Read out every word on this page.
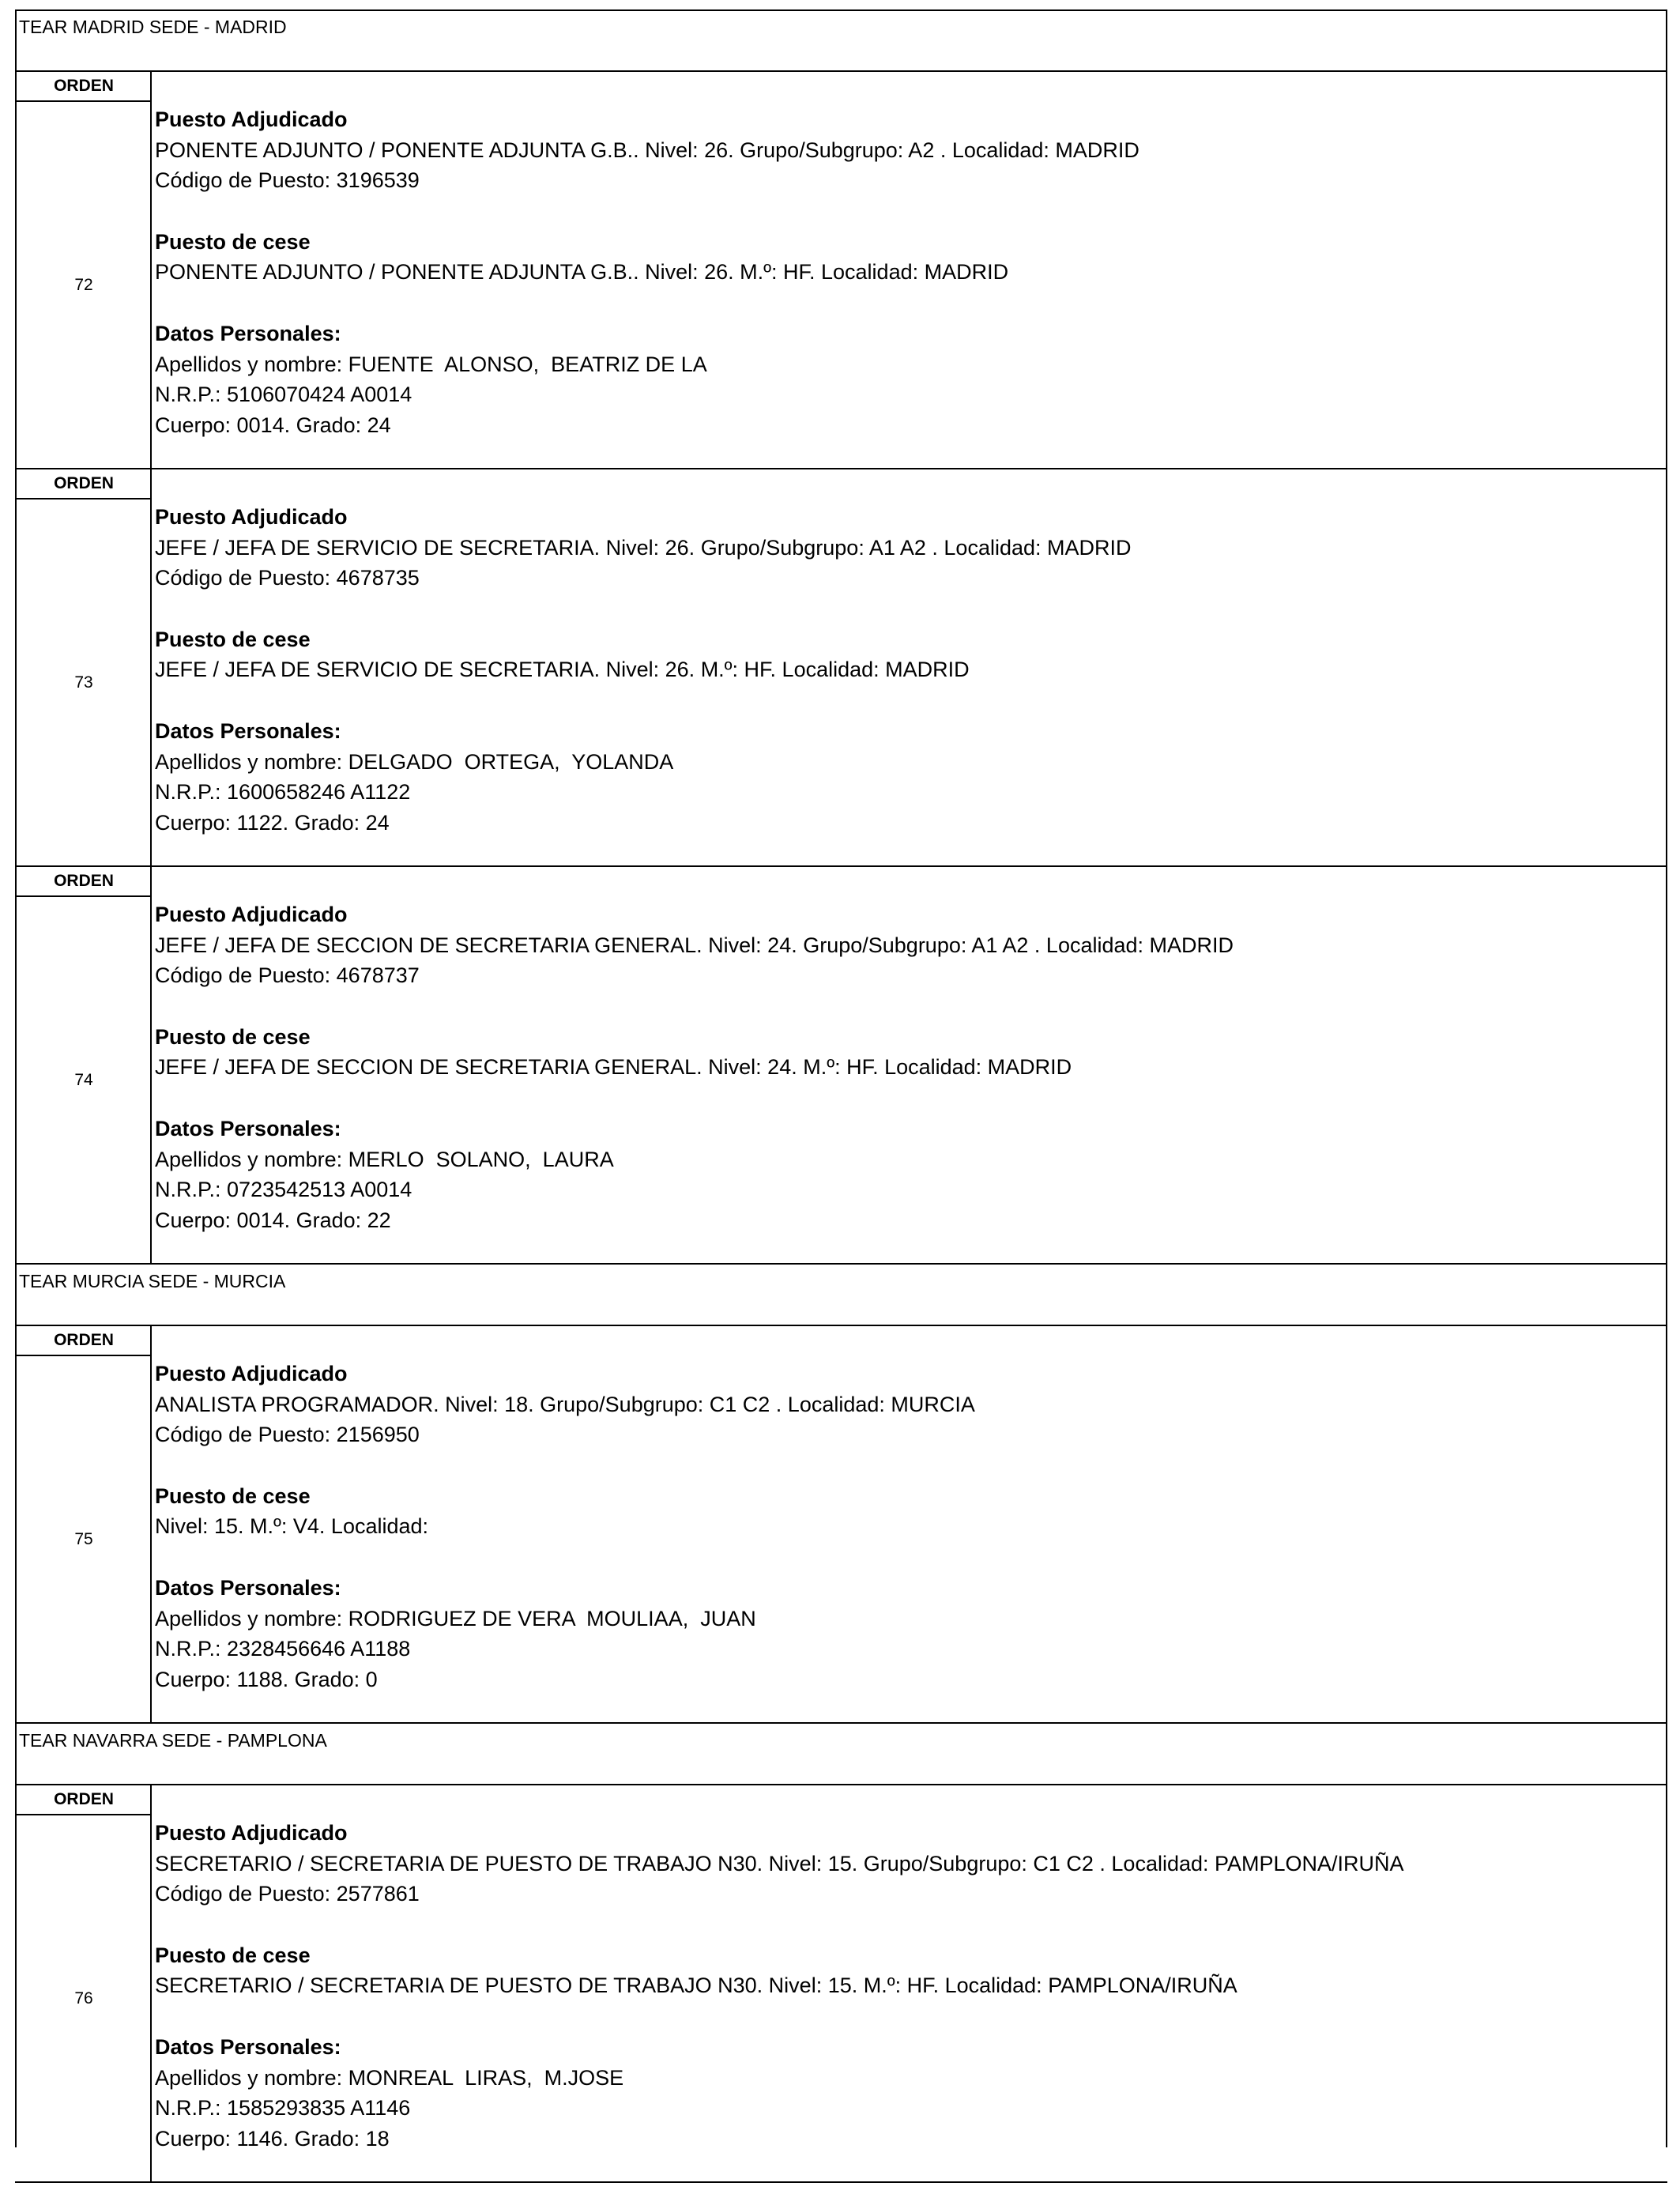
TEAR MADRID SEDE - MADRID
ORDEN
72
Puesto Adjudicado
PONENTE ADJUNTO / PONENTE ADJUNTA G.B.. Nivel: 26. Grupo/Subgrupo: A2 . Localidad: MADRID
Código de Puesto: 3196539
Puesto de cese
PONENTE ADJUNTO / PONENTE ADJUNTA G.B.. Nivel: 26. M.º: HF. Localidad: MADRID
Datos Personales:
Apellidos y nombre: FUENTE  ALONSO,  BEATRIZ DE LA
N.R.P.: 5106070424 A0014
Cuerpo: 0014. Grado: 24
ORDEN
73
Puesto Adjudicado
JEFE / JEFA DE SERVICIO DE SECRETARIA. Nivel: 26. Grupo/Subgrupo: A1 A2 . Localidad: MADRID
Código de Puesto: 4678735
Puesto de cese
JEFE / JEFA DE SERVICIO DE SECRETARIA. Nivel: 26. M.º: HF. Localidad: MADRID
Datos Personales:
Apellidos y nombre: DELGADO  ORTEGA,  YOLANDA
N.R.P.: 1600658246 A1122
Cuerpo: 1122. Grado: 24
ORDEN
74
Puesto Adjudicado
JEFE / JEFA DE SECCION DE SECRETARIA GENERAL. Nivel: 24. Grupo/Subgrupo: A1 A2 . Localidad: MADRID
Código de Puesto: 4678737
Puesto de cese
JEFE / JEFA DE SECCION DE SECRETARIA GENERAL. Nivel: 24. M.º: HF. Localidad: MADRID
Datos Personales:
Apellidos y nombre: MERLO  SOLANO,  LAURA
N.R.P.: 0723542513 A0014
Cuerpo: 0014. Grado: 22
TEAR MURCIA SEDE - MURCIA
ORDEN
75
Puesto Adjudicado
ANALISTA PROGRAMADOR. Nivel: 18. Grupo/Subgrupo: C1 C2 . Localidad: MURCIA
Código de Puesto: 2156950
Puesto de cese
Nivel: 15. M.º: V4. Localidad:
Datos Personales:
Apellidos y nombre: RODRIGUEZ DE VERA  MOULIAA,  JUAN
N.R.P.: 2328456646 A1188
Cuerpo: 1188. Grado: 0
TEAR NAVARRA SEDE - PAMPLONA
ORDEN
76
Puesto Adjudicado
SECRETARIO / SECRETARIA DE PUESTO DE TRABAJO N30. Nivel: 15. Grupo/Subgrupo: C1 C2 . Localidad: PAMPLONA/IRUÑA
Código de Puesto: 2577861
Puesto de cese
SECRETARIO / SECRETARIA DE PUESTO DE TRABAJO N30. Nivel: 15. M.º: HF. Localidad: PAMPLONA/IRUÑA
Datos Personales:
Apellidos y nombre: MONREAL  LIRAS,  M.JOSE
N.R.P.: 1585293835 A1146
Cuerpo: 1146. Grado: 18
